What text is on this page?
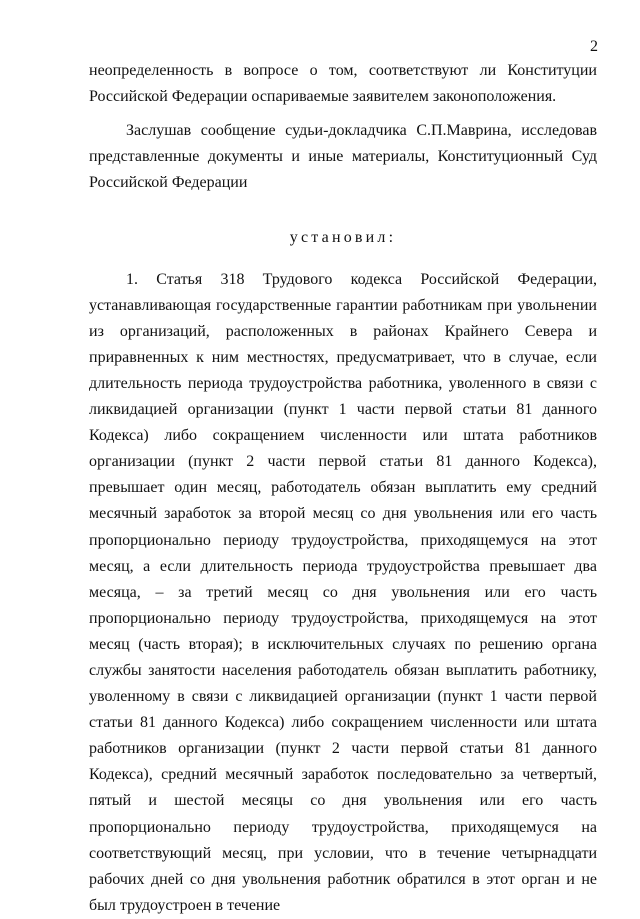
2

неопределенность в вопросе о том, соответствуют ли Конституции Российской Федерации оспариваемые заявителем законоположения.

Заслушав сообщение судьи-докладчика С.П.Маврина, исследовав представленные документы и иные материалы, Конституционный Суд Российской Федерации

установил:

1. Статья 318 Трудового кодекса Российской Федерации, устанавливающая государственные гарантии работникам при увольнении из организаций, расположенных в районах Крайнего Севера и приравненных к ним местностях, предусматривает, что в случае, если длительность периода трудоустройства работника, уволенного в связи с ликвидацией организации (пункт 1 части первой статьи 81 данного Кодекса) либо сокращением численности или штата работников организации (пункт 2 части первой статьи 81 данного Кодекса), превышает один месяц, работодатель обязан выплатить ему средний месячный заработок за второй месяц со дня увольнения или его часть пропорционально периоду трудоустройства, приходящемуся на этот месяц, а если длительность периода трудоустройства превышает два месяца, – за третий месяц со дня увольнения или его часть пропорционально периоду трудоустройства, приходящемуся на этот месяц (часть вторая); в исключительных случаях по решению органа службы занятости населения работодатель обязан выплатить работнику, уволенному в связи с ликвидацией организации (пункт 1 части первой статьи 81 данного Кодекса) либо сокращением численности или штата работников организации (пункт 2 части первой статьи 81 данного Кодекса), средний месячный заработок последовательно за четвертый, пятый и шестой месяцы со дня увольнения или его часть пропорционально периоду трудоустройства, приходящемуся на соответствующий месяц, при условии, что в течение четырнадцати рабочих дней со дня увольнения работник обратился в этот орган и не был трудоустроен в течение
